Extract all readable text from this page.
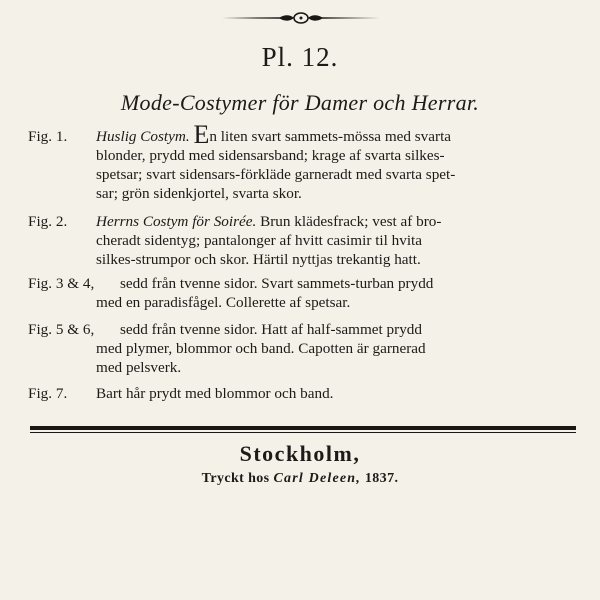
Pl. 12.
Mode-Costymer för Damer och Herrar.
Fig. 1. Huslig Costym. En liten svart sammets-mössa med svarta
blonder, prydd med sidensarsband; krage af svarta silkes-
spetsar; svart sidensars-förkläde garneradt med svarta spet-
sar; grön sidenkjortel, svarta skor.
Fig. 2. Herrns Costym för Soirée. Brun klädesfrack; vest af bro-
cheradt sidentyg; pantalonger af hvitt casimir til hvita
silkes-strumpor och skor. Härtil nyttjas trekantig hatt.
Fig. 3 & 4, sedd från tvenne sidor. Svart sammets-turban prydd
med en paradisfågel. Collerette af spetsar.
Fig. 5 & 6, sedd från tvenne sidor. Hatt af half-sammet prydd
med plymer, blommor och band. Capotten är garnerad
med pelsverk.
Fig. 7. Bart hår prydt med blommor och band.
Stockholm,
Tryckt hos Carl Deleen, 1837.
